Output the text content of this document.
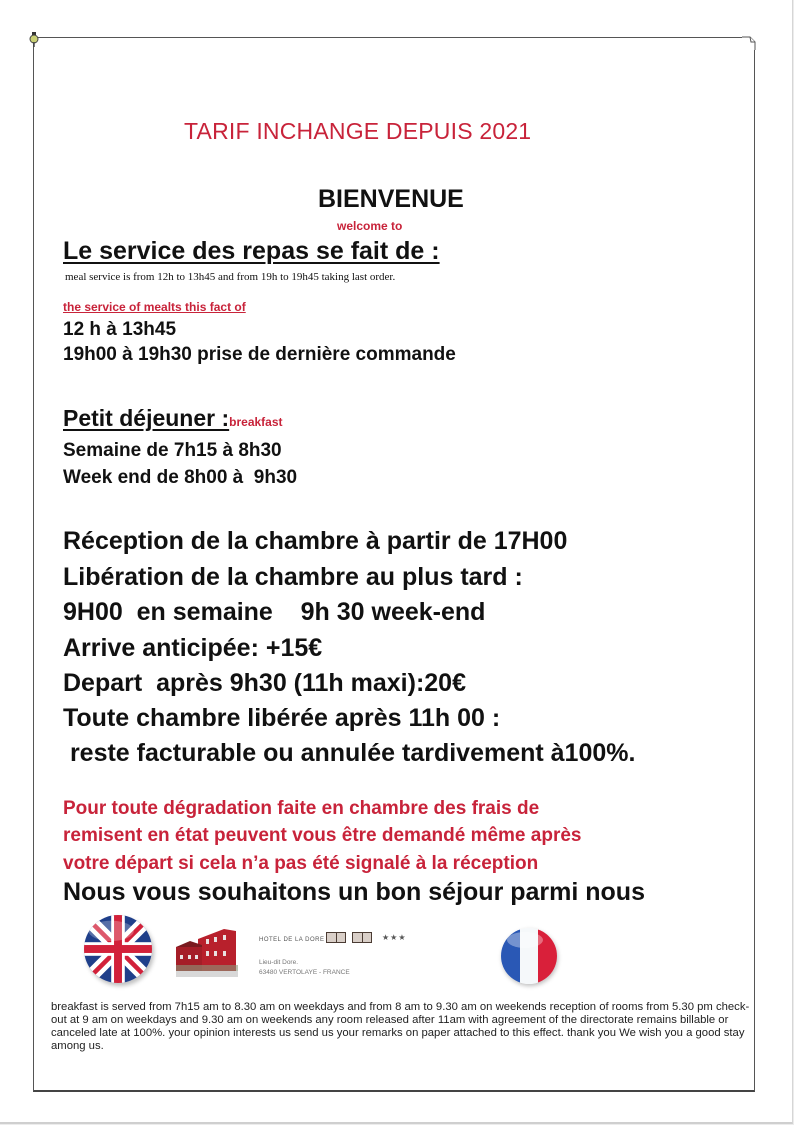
TARIF INCHANGE DEPUIS 2021
BIENVENUE
welcome to
Le service des repas se fait de :
meal service is from 12h to 13h45 and from 19h to 19h45 taking last order.
the service of mealts this fact of
12 h à 13h45
19h00 à 19h30 prise de dernière commande
Petit déjeuner :breakfast
Semaine de 7h15 à 8h30
Week end de 8h00 à  9h30
Réception de la chambre à partir de 17H00
Libération de la chambre au plus tard :
9H00  en semaine    9h 30 week-end
Arrive anticipée: +15€
Depart  après 9h30 (11h maxi):20€
Toute chambre libérée après 11h 00 :
reste facturable ou annulée tardivement à100%.
Pour toute dégradation faite en chambre des frais de
remisent en état peuvent vous être demandé même après
votre départ si cela n’a pas été signalé à la réception
Nous vous souhaitons un bon séjour parmi nous
HOTEL DE LA DORE	★★★
Lieu-dit Dore.
63480 VERTOLAYE - FRANCE
breakfast is served from 7h15 am to 8.30 am on weekdays and from 8 am to 9.30 am on weekends reception of rooms from 5.30 pm check-out at 9 am on weekdays and 9.30 am on weekends any room released after 11am with agreement of the directorate remains billable or canceled late at 100%. your opinion interests us send us your remarks on paper attached to this effect. thank you We wish you a good stay among us.
